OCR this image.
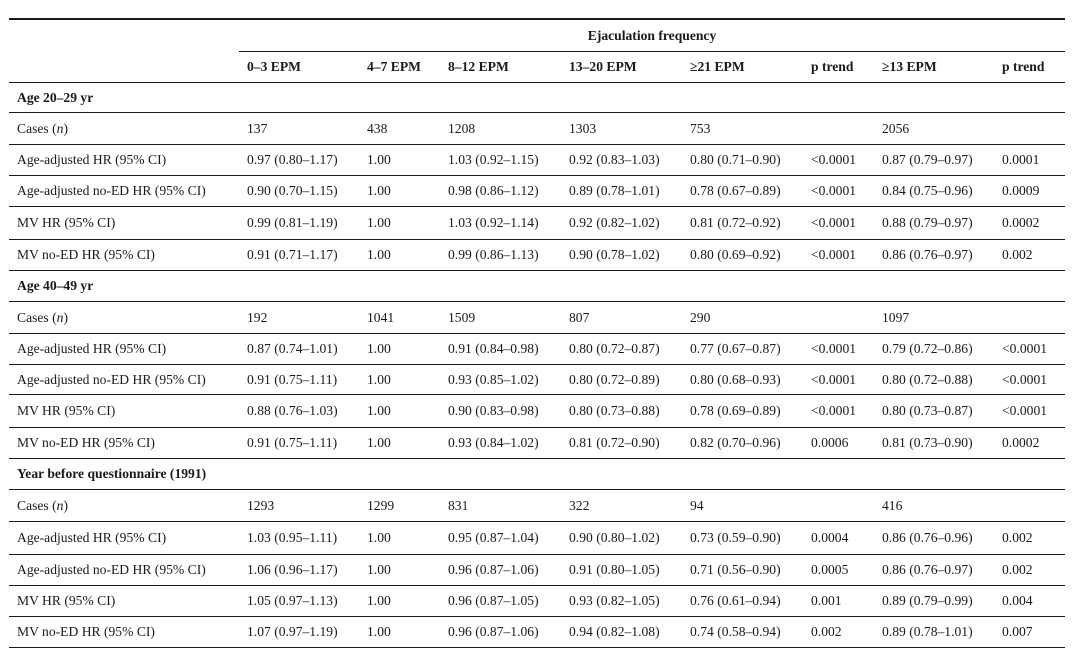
	Ejaculation frequency							
	0–3 EPM	4–7 EPM	8–12 EPM	13–20 EPM	≥21 EPM	p trend	≥13 EPM	p trend
Age 20–29 yr								
Cases (n)	137	438	1208	1303	753		2056	
Age-adjusted HR (95% CI)	0.97 (0.80–1.17)	1.00	1.03 (0.92–1.15)	0.92 (0.83–1.03)	0.80 (0.71–0.90)	<0.0001	0.87 (0.79–0.97)	0.0001
Age-adjusted no-ED HR (95% CI)	0.90 (0.70–1.15)	1.00	0.98 (0.86–1.12)	0.89 (0.78–1.01)	0.78 (0.67–0.89)	<0.0001	0.84 (0.75–0.96)	0.0009
MV HR (95% CI)	0.99 (0.81–1.19)	1.00	1.03 (0.92–1.14)	0.92 (0.82–1.02)	0.81 (0.72–0.92)	<0.0001	0.88 (0.79–0.97)	0.0002
MV no-ED HR (95% CI)	0.91 (0.71–1.17)	1.00	0.99 (0.86–1.13)	0.90 (0.78–1.02)	0.80 (0.69–0.92)	<0.0001	0.86 (0.76–0.97)	0.002
Age 40–49 yr								
Cases (n)	192	1041	1509	807	290		1097	
Age-adjusted HR (95% CI)	0.87 (0.74–1.01)	1.00	0.91 (0.84–0.98)	0.80 (0.72–0.87)	0.77 (0.67–0.87)	<0.0001	0.79 (0.72–0.86)	<0.0001
Age-adjusted no-ED HR (95% CI)	0.91 (0.75–1.11)	1.00	0.93 (0.85–1.02)	0.80 (0.72–0.89)	0.80 (0.68–0.93)	<0.0001	0.80 (0.72–0.88)	<0.0001
MV HR (95% CI)	0.88 (0.76–1.03)	1.00	0.90 (0.83–0.98)	0.80 (0.73–0.88)	0.78 (0.69–0.89)	<0.0001	0.80 (0.73–0.87)	<0.0001
MV no-ED HR (95% CI)	0.91 (0.75–1.11)	1.00	0.93 (0.84–1.02)	0.81 (0.72–0.90)	0.82 (0.70–0.96)	0.0006	0.81 (0.73–0.90)	0.0002
Year before questionnaire (1991)								
Cases (n)	1293	1299	831	322	94		416	
Age-adjusted HR (95% CI)	1.03 (0.95–1.11)	1.00	0.95 (0.87–1.04)	0.90 (0.80–1.02)	0.73 (0.59–0.90)	0.0004	0.86 (0.76–0.96)	0.002
Age-adjusted no-ED HR (95% CI)	1.06 (0.96–1.17)	1.00	0.96 (0.87–1.06)	0.91 (0.80–1.05)	0.71 (0.56–0.90)	0.0005	0.86 (0.76–0.97)	0.002
MV HR (95% CI)	1.05 (0.97–1.13)	1.00	0.96 (0.87–1.05)	0.93 (0.82–1.05)	0.76 (0.61–0.94)	0.001	0.89 (0.79–0.99)	0.004
MV no-ED HR (95% CI)	1.07 (0.97–1.19)	1.00	0.96 (0.87–1.06)	0.94 (0.82–1.08)	0.74 (0.58–0.94)	0.002	0.89 (0.78–1.01)	0.007
